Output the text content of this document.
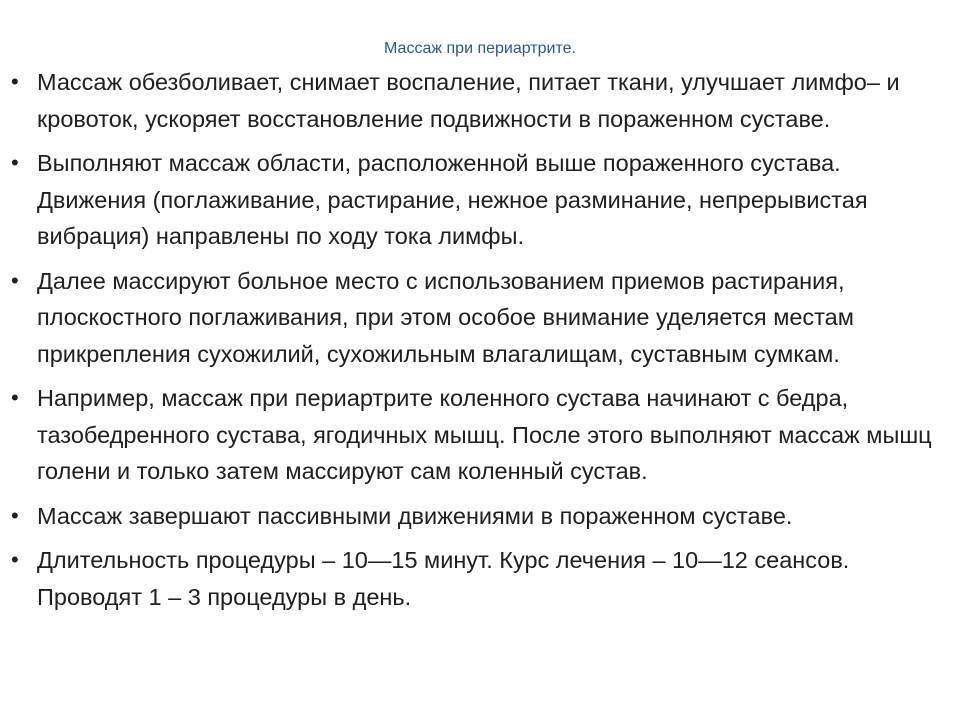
Массаж при периартрите.
• Массаж обезболивает, снимает воспаление, питает ткани, улучшает лимфо– и кровоток, ускоряет восстановление подвижности в пораженном суставе.
• Выполняют массаж области, расположенной выше пораженного сустава. Движения (поглаживание, растирание, нежное разминание, непрерывистая вибрация) направлены по ходу тока лимфы.
• Далее массируют больное место с использованием приемов растирания, плоскостного поглаживания, при этом особое внимание уделяется местам прикрепления сухожилий, сухожильным влагалищам, суставным сумкам.
• Например, массаж при периартрите коленного сустава начинают с бедра, тазобедренного сустава, ягодичных мышц. После этого выполняют массаж мышц голени и только затем массируют сам коленный сустав.
• Массаж завершают пассивными движениями в пораженном суставе.
• Длительность процедуры – 10—15 минут. Курс лечения – 10—12 сеансов. Проводят 1 – 3 процедуры в день.
